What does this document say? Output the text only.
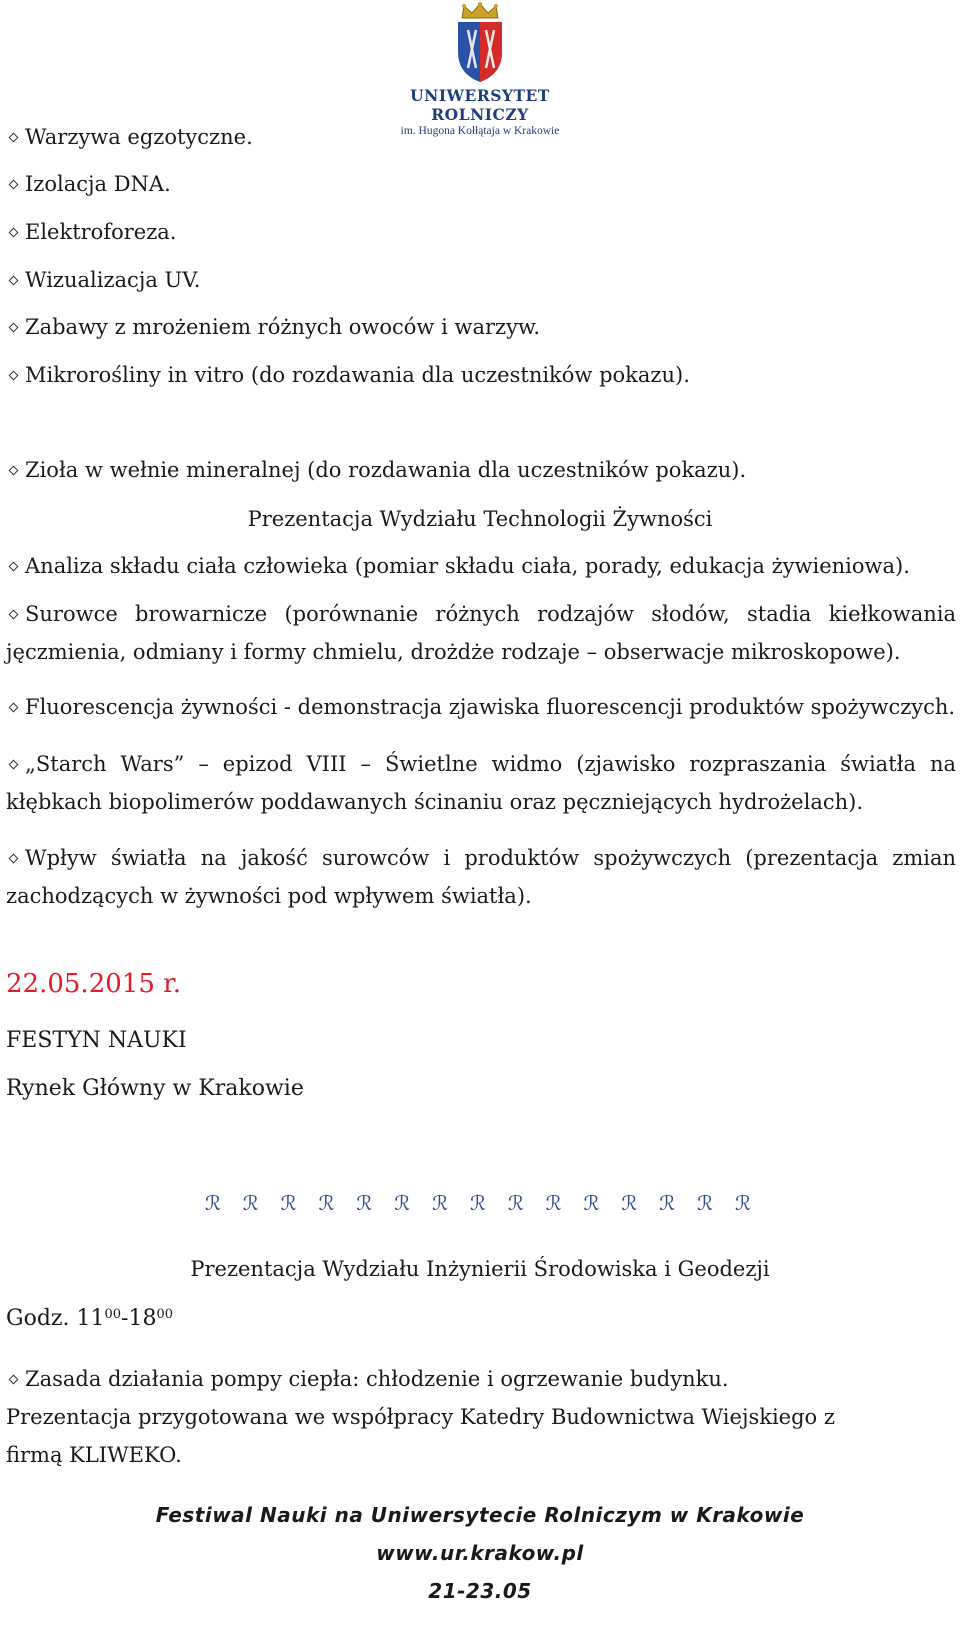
UNIWERSYTET ROLNICZY
im. Hugona Kołłątaja w Krakowie
Warzywa egzotyczne.
Izolacja DNA.
Elektroforeza.
Wizualizacja UV.
Zabawy z mrożeniem różnych owoców i warzyw.
Mikrorośliny in vitro (do rozdawania dla uczestników pokazu).
Zioła w wełnie mineralnej (do rozdawania dla uczestników pokazu).
Prezentacja Wydziału Technologii Żywności
Analiza składu ciała człowieka (pomiar składu ciała, porady, edukacja żywieniowa).
Surowce browarnicze (porównanie różnych rodzajów słodów, stadia kiełkowania jęczmienia, odmiany i formy chmielu, drożdże rodzaje – obserwacje mikroskopowe).
Fluorescencja żywności - demonstracja zjawiska fluorescencji produktów spożywczych.
„Starch Wars” – epizod VIII – Świetlne widmo (zjawisko rozpraszania światła na kłębkach biopolimerów poddawanych ścinaniu oraz pęczniejących hydrożelach).
Wpływ światła na jakość surowców i produktów spożywczych (prezentacja zmian zachodzących w żywności pod wpływem światła).
22.05.2015 r.
FESTYN NAUKI
Rynek Główny w Krakowie
ℛ	ℛ	ℛ	ℛ	ℛ	ℛ	ℛ	ℛ	ℛ	ℛ	ℛ	ℛ	ℛ	ℛ	ℛ
Prezentacja Wydziału Inżynierii Środowiska i Geodezji
Godz. $11^{00}-18^{00}$
Zasada działania pompy ciepła: chłodzenie i ogrzewanie budynku. Prezentacja przygotowana we współpracy Katedry Budownictwa Wiejskiego z firmą KLIWEKO.
Festiwal Nauki na Uniwersytecie Rolniczym w Krakowie
www.ur.krakow.pl
21-23.05
